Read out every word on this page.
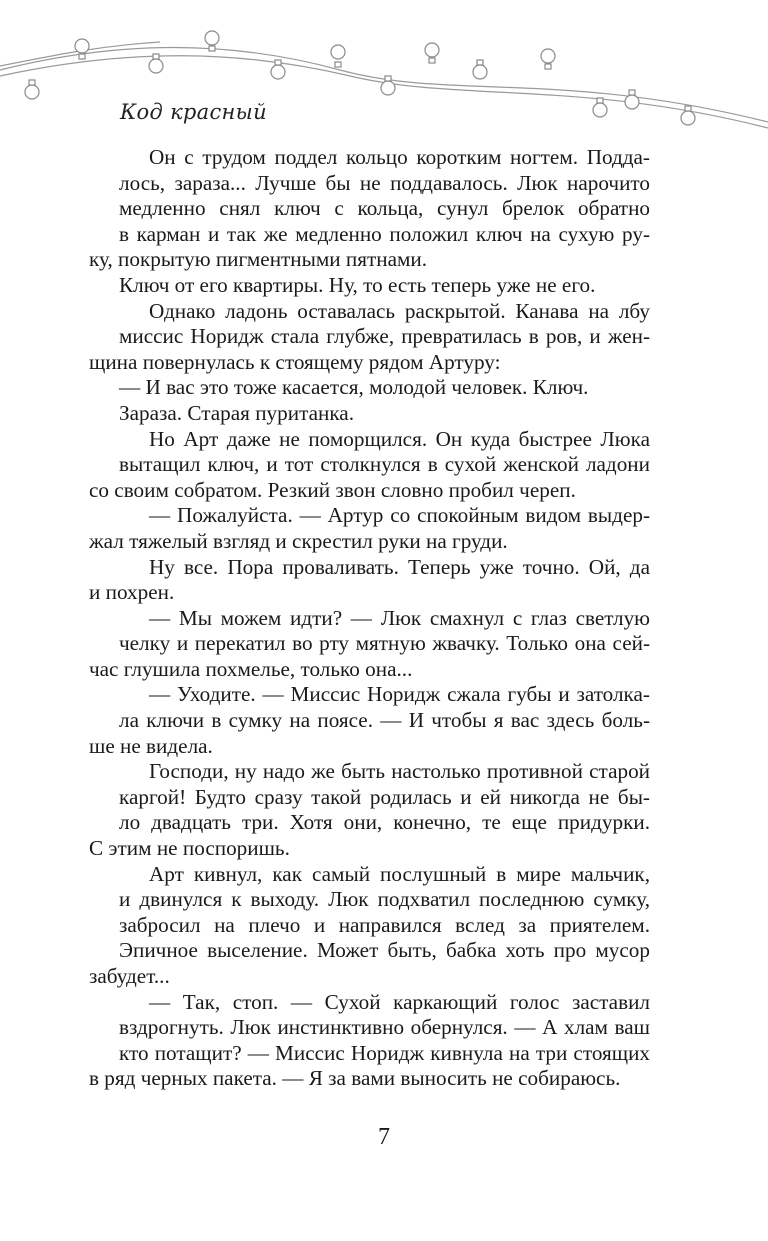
Код красный

Он с трудом поддел кольцо коротким ногтем. Подда-
лось, зараза... Лучше бы не поддавалось. Люк нарочито
медленно снял ключ с кольца, сунул брелок обратно
в карман и так же медленно положил ключ на сухую ру-
ку, покрытую пигментными пятнами.

Ключ от его квартиры. Ну, то есть теперь уже не его.

Однако ладонь оставалась раскрытой. Канава на лбу
миссис Норидж стала глубже, превратилась в ров, и жен-
щина повернулась к стоящему рядом Артуру:

— И вас это тоже касается, молодой человек. Ключ.

Зараза. Старая пуританка.

Но Арт даже не поморщился. Он куда быстрее Люка
вытащил ключ, и тот столкнулся в сухой женской ладони
со своим собратом. Резкий звон словно пробил череп.

— Пожалуйста. — Артур со спокойным видом выдер-
жал тяжелый взгляд и скрестил руки на груди.

Ну все. Пора проваливать. Теперь уже точно. Ой, да
и похрен.

— Мы можем идти? — Люк смахнул с глаз светлую
челку и перекатил во рту мятную жвачку. Только она сей-
час глушила похмелье, только она...

— Уходите. — Миссис Норидж сжала губы и затолка-
ла ключи в сумку на поясе. — И чтобы я вас здесь боль-
ше не видела.

Господи, ну надо же быть настолько противной старой
каргой! Будто сразу такой родилась и ей никогда не бы-
ло двадцать три. Хотя они, конечно, те еще придурки.
С этим не поспоришь.

Арт кивнул, как самый послушный в мире мальчик,
и двинулся к выходу. Люк подхватил последнюю сумку,
забросил на плечо и направился вслед за приятелем.
Эпичное выселение. Может быть, бабка хоть про мусор
забудет...

— Так, стоп. — Сухой каркающий голос заставил
вздрогнуть. Люк инстинктивно обернулся. — А хлам ваш
кто потащит? — Миссис Норидж кивнула на три стоящих
в ряд черных пакета. — Я за вами выносить не собираюсь.

7
